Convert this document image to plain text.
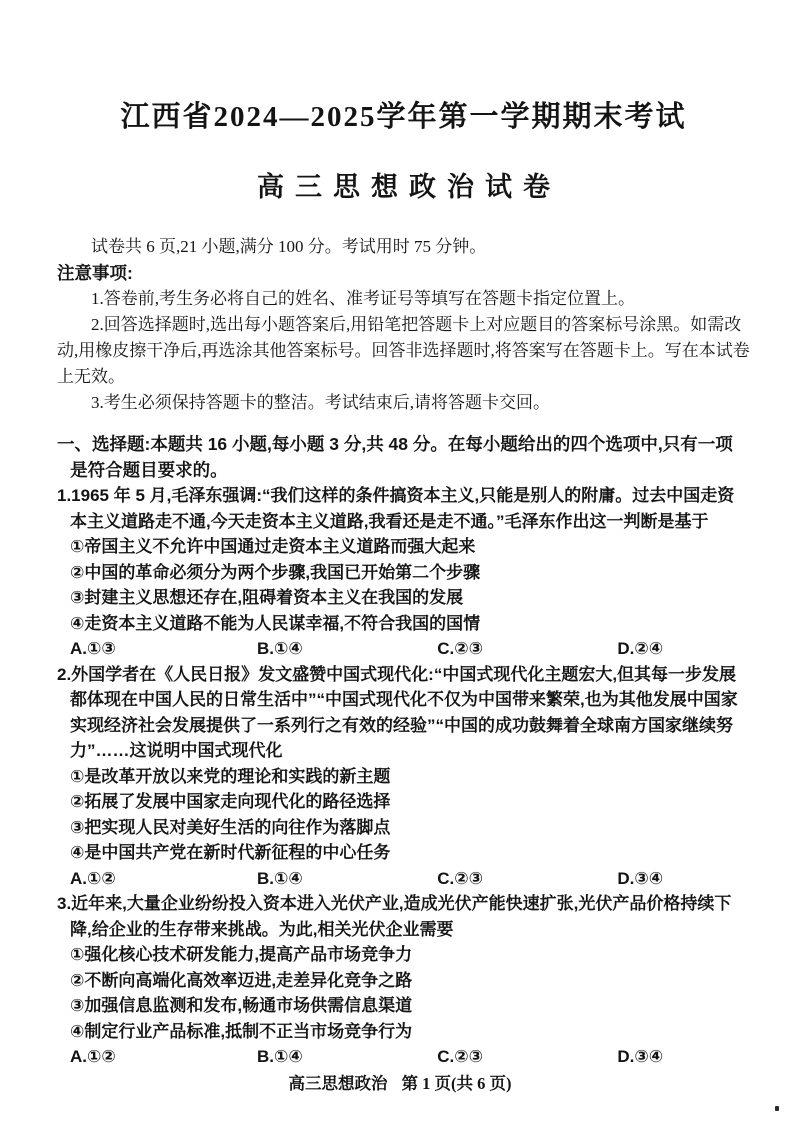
江西省2024—2025学年第一学期期末考试
高三思想政治试卷

试卷共 6 页,21 小题,满分 100 分。考试用时 75 分钟。

注意事项:

1.答卷前,考生务必将自己的姓名、准考证号等填写在答题卡指定位置上。

2.回答选择题时,选出每小题答案后,用铅笔把答题卡上对应题目的答案标号涂黑。如需改动,用橡皮擦干净后,再选涂其他答案标号。回答非选择题时,将答案写在答题卡上。写在本试卷上无效。

3.考生必须保持答题卡的整洁。考试结束后,请将答题卡交回。

一、选择题:本题共 16 小题,每小题 3 分,共 48 分。在每小题给出的四个选项中,只有一项是符合题目要求的。

1.1965 年 5 月,毛泽东强调:“我们这样的条件搞资本主义,只能是别人的附庸。过去中国走资本主义道路走不通,今天走资本主义道路,我看还是走不通。”毛泽东作出这一判断是基于

①帝国主义不允许中国通过走资本主义道路而强大起来

②中国的革命必须分为两个步骤,我国已开始第二个步骤

③封建主义思想还存在,阻碍着资本主义在我国的发展

④走资本主义道路不能为人民谋幸福,不符合我国的国情

A.①③	B.①④	C.②③	D.②④

2.外国学者在《人民日报》发文盛赞中国式现代化:“中国式现代化主题宏大,但其每一步发展都体现在中国人民的日常生活中”“中国式现代化不仅为中国带来繁荣,也为其他发展中国家实现经济社会发展提供了一系列行之有效的经验”“中国的成功鼓舞着全球南方国家继续努力”……这说明中国式现代化

①是改革开放以来党的理论和实践的新主题

②拓展了发展中国家走向现代化的路径选择

③把实现人民对美好生活的向往作为落脚点

④是中国共产党在新时代新征程的中心任务

A.①②	B.①④	C.②③	D.③④

3.近年来,大量企业纷纷投入资本进入光伏产业,造成光伏产能快速扩张,光伏产品价格持续下降,给企业的生存带来挑战。为此,相关光伏企业需要

①强化核心技术研发能力,提高产品市场竞争力

②不断向高端化高效率迈进,走差异化竞争之路

③加强信息监测和发布,畅通市场供需信息渠道

④制定行业产品标准,抵制不正当市场竞争行为

A.①②	B.①④	C.②③	D.③④
高三思想政治 第 1 页(共 6 页)
